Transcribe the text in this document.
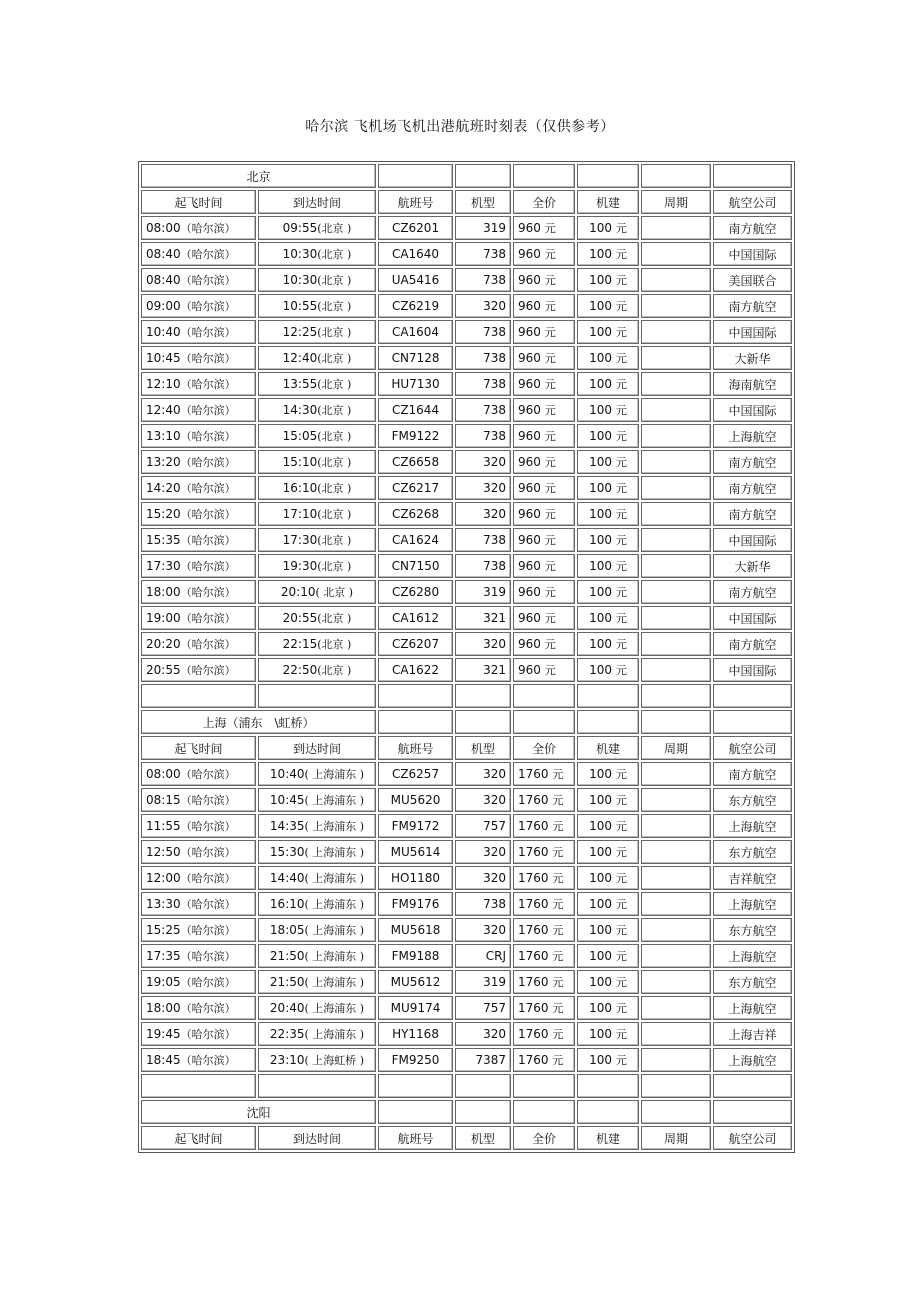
哈尔滨 飞机场飞机出港航班时刻表（仅供参考）
北京							
起飞时间	到达时间	航班号	机型	全价	机建	周期	航空公司
08:00（哈尔滨）	09:55(北京 )	CZ6201	319	960 元	100 元		南方航空
08:40（哈尔滨）	10:30(北京 )	CA1640	738	960 元	100 元		中国国际
08:40（哈尔滨）	10:30(北京 )	UA5416	738	960 元	100 元		美国联合
09:00（哈尔滨）	10:55(北京 )	CZ6219	320	960 元	100 元		南方航空
10:40（哈尔滨）	12:25(北京 )	CA1604	738	960 元	100 元		中国国际
10:45（哈尔滨）	12:40(北京 )	CN7128	738	960 元	100 元		大新华
12:10（哈尔滨）	13:55(北京 )	HU7130	738	960 元	100 元		海南航空
12:40（哈尔滨）	14:30(北京 )	CZ1644	738	960 元	100 元		中国国际
13:10（哈尔滨）	15:05(北京 )	FM9122	738	960 元	100 元		上海航空
13:20（哈尔滨）	15:10(北京 )	CZ6658	320	960 元	100 元		南方航空
14:20（哈尔滨）	16:10(北京 )	CZ6217	320	960 元	100 元		南方航空
15:20（哈尔滨）	17:10(北京 )	CZ6268	320	960 元	100 元		南方航空
15:35（哈尔滨）	17:30(北京 )	CA1624	738	960 元	100 元		中国国际
17:30（哈尔滨）	19:30(北京 )	CN7150	738	960 元	100 元		大新华
18:00（哈尔滨）	20:10( 北京 )	CZ6280	319	960 元	100 元		南方航空
19:00（哈尔滨）	20:55(北京 )	CA1612	321	960 元	100 元		中国国际
20:20（哈尔滨）	22:15(北京 )	CZ6207	320	960 元	100 元		南方航空
20:55（哈尔滨）	22:50(北京 )	CA1622	321	960 元	100 元		中国国际

上海（浦东　\虹桥）							
起飞时间	到达时间	航班号	机型	全价	机建	周期	航空公司
08:00（哈尔滨）	10:40( 上海浦东 )	CZ6257	320	1760 元	100 元		南方航空
08:15（哈尔滨）	10:45( 上海浦东 )	MU5620	320	1760 元	100 元		东方航空
11:55（哈尔滨）	14:35( 上海浦东 )	FM9172	757	1760 元	100 元		上海航空
12:50（哈尔滨）	15:30( 上海浦东 )	MU5614	320	1760 元	100 元		东方航空
12:00（哈尔滨）	14:40( 上海浦东 )	HO1180	320	1760 元	100 元		吉祥航空
13:30（哈尔滨）	16:10( 上海浦东 )	FM9176	738	1760 元	100 元		上海航空
15:25（哈尔滨）	18:05( 上海浦东 )	MU5618	320	1760 元	100 元		东方航空
17:35（哈尔滨）	21:50( 上海浦东 )	FM9188	CRJ	1760 元	100 元		上海航空
19:05（哈尔滨）	21:50( 上海浦东 )	MU5612	319	1760 元	100 元		东方航空
18:00（哈尔滨）	20:40( 上海浦东 )	MU9174	757	1760 元	100 元		上海航空
19:45（哈尔滨）	22:35( 上海浦东 )	HY1168	320	1760 元	100 元		上海吉祥
18:45（哈尔滨）	23:10( 上海虹桥 )	FM9250	7387	1760 元	100 元		上海航空

沈阳							
起飞时间	到达时间	航班号	机型	全价	机建	周期	航空公司
